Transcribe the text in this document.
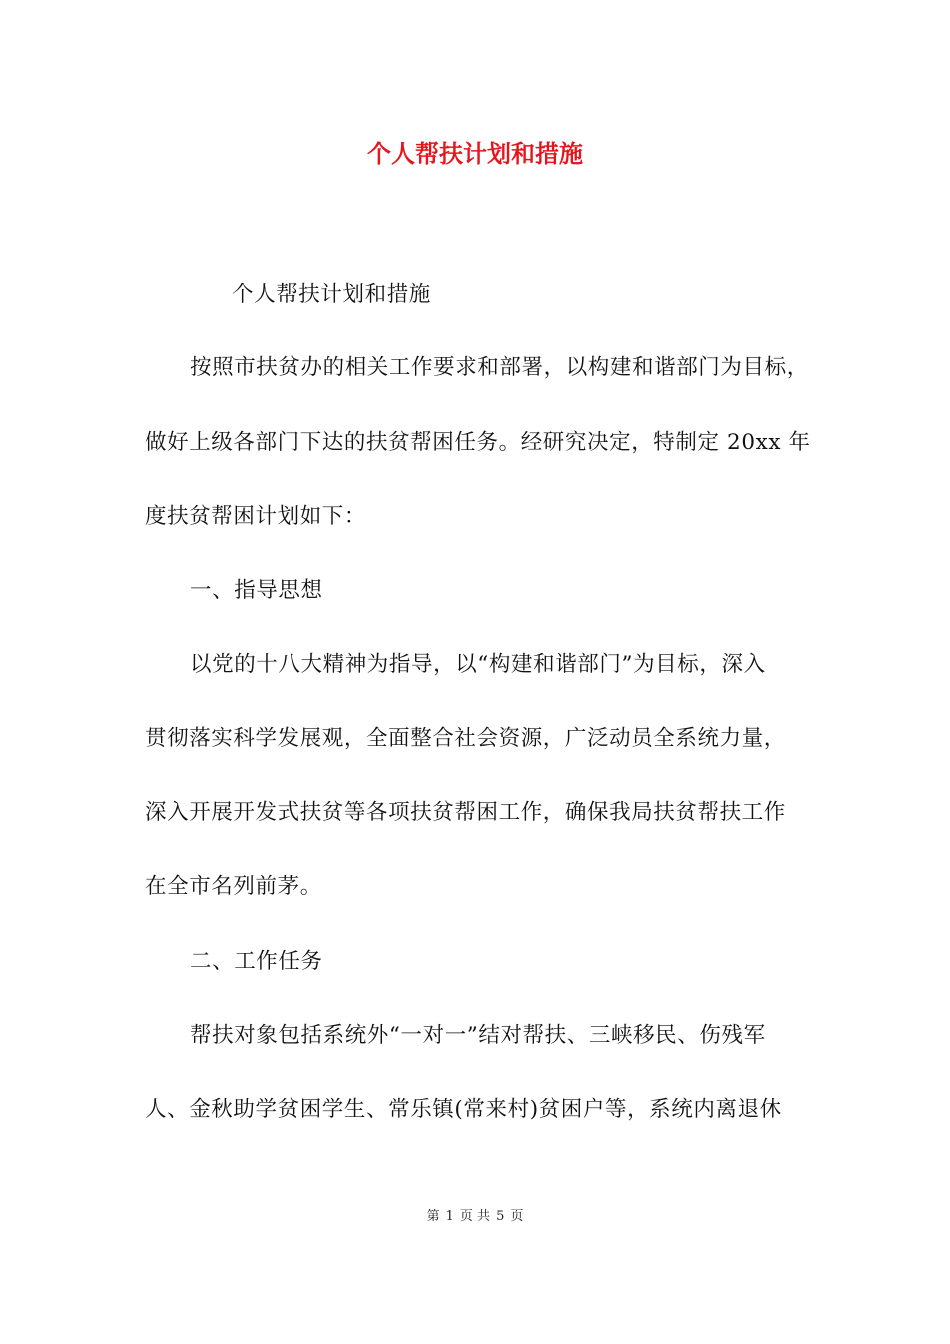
个人帮扶计划和措施
个人帮扶计划和措施
按照市扶贫办的相关工作要求和部署，以构建和谐部门为目标，
做好上级各部门下达的扶贫帮困任务。经研究决定，特制定 20xx 年
度扶贫帮困计划如下：
一、指导思想
以党的十八大精神为指导，以“构建和谐部门”为目标，深入
贯彻落实科学发展观，全面整合社会资源，广泛动员全系统力量，
深入开展开发式扶贫等各项扶贫帮困工作，确保我局扶贫帮扶工作
在全市名列前茅。
二、工作任务
帮扶对象包括系统外“一对一”结对帮扶、三峡移民、伤残军
人、金秋助学贫困学生、常乐镇(常来村)贫困户等，系统内离退休
第 1 页 共 5 页
